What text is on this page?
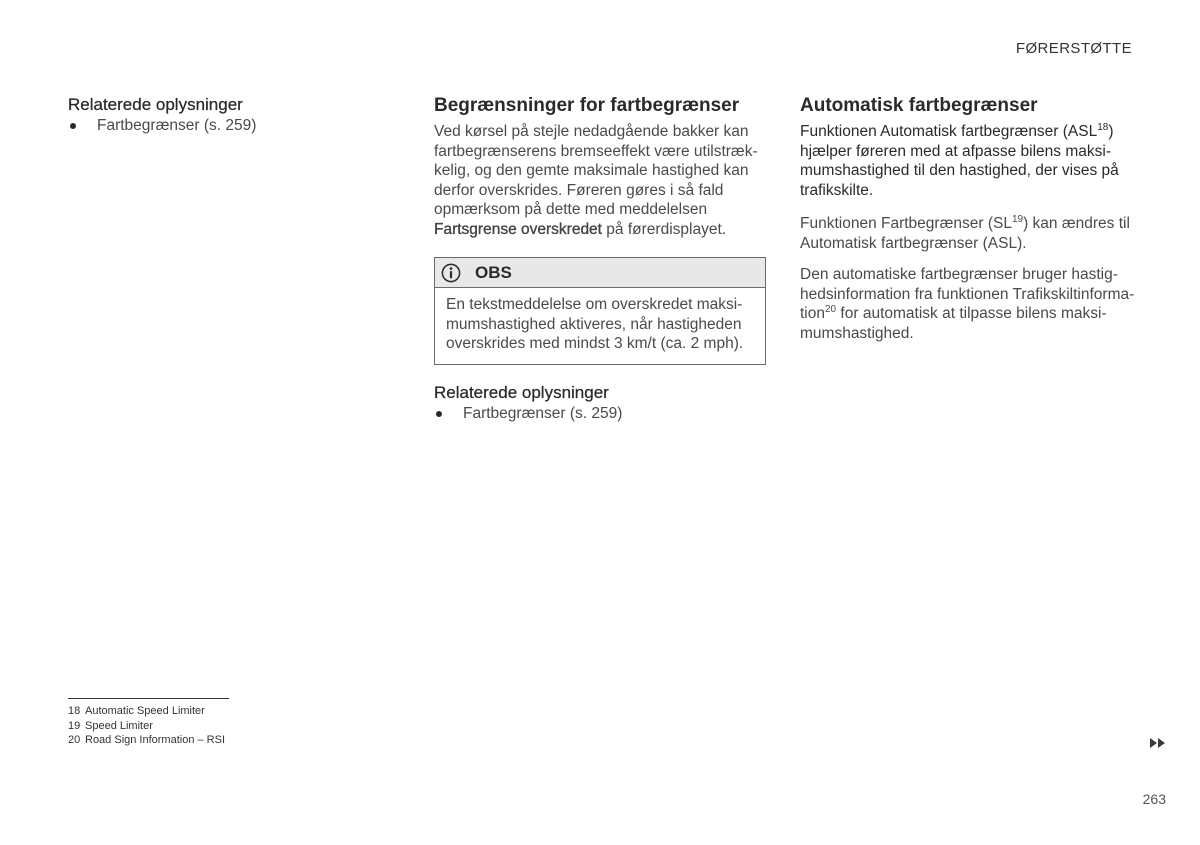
FØRERSTØTTE
Relaterede oplysninger
Fartbegrænser (s. 259)
Begrænsninger for fartbegrænser

Ved kørsel på stejle nedadgående bakker kan fartbegrænserens bremseeffekt være utilstræk-kelig, og den gemte maksimale hastighed kan derfor overskrides. Føreren gøres i så fald opmærksom på dette med meddelelsen Fartsgrense overskredet på førerdisplayet.

OBS

En tekstmeddelelse om overskredet maksi-mumshastighed aktiveres, når hastigheden overskrides med mindst 3 km/t (ca. 2 mph).

Relaterede oplysninger
Fartbegrænser (s. 259)
Automatisk fartbegrænser

Funktionen Automatisk fartbegrænser (ASL$^{18}$) hjælper føreren med at afpasse bilens maksi-mumshastighed til den hastighed, der vises på trafikskilte.

Funktionen Fartbegrænser (SL$^{19}$) kan ændres til Automatisk fartbegrænser (ASL).

Den automatiske fartbegrænser bruger hastig-hedsinformation fra funktionen Trafikskiltinforma-tion$^{20}$ for automatisk at tilpasse bilens maksi-mumshastighed.

18 Automatic Speed Limiter
19 Speed Limiter
20 Road Sign Information – RSI
263
